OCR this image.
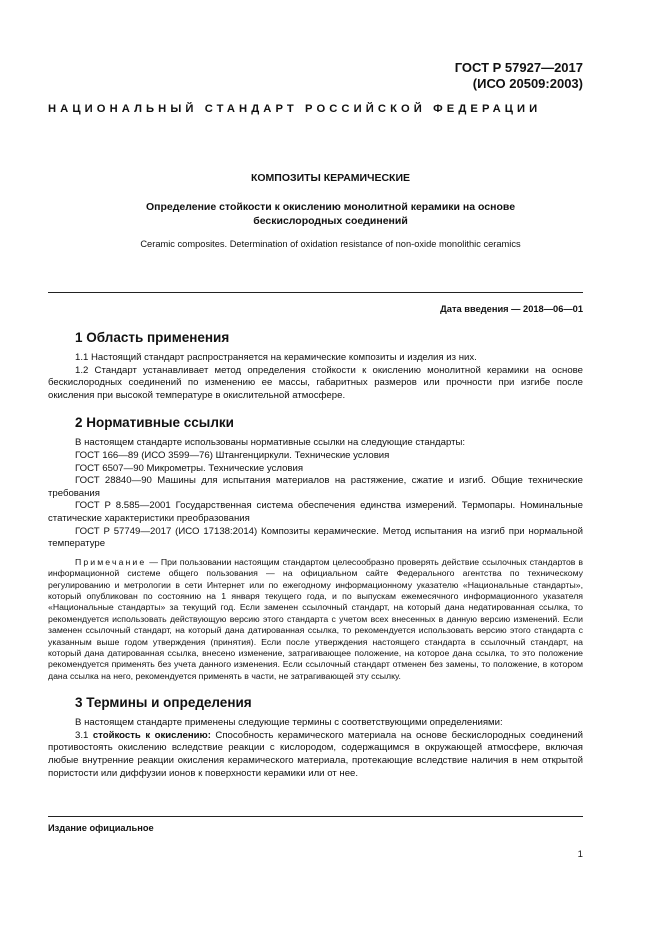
ГОСТ Р 57927—2017
(ИСО 20509:2003)
НАЦИОНАЛЬНЫЙ СТАНДАРТ РОССИЙСКОЙ ФЕДЕРАЦИИ
КОМПОЗИТЫ КЕРАМИЧЕСКИЕ
Определение стойкости к окислению монолитной керамики на основе
бескислородных соединений
Ceramic composites. Determination of oxidation resistance of non-oxide monolithic ceramics
Дата введения — 2018—06—01
1 Область применения

1.1 Настоящий стандарт распространяется на керамические композиты и изделия из них.

1.2 Стандарт устанавливает метод определения стойкости к окислению монолитной керамики на основе бескислородных соединений по изменению ее массы, габаритных размеров или прочности при изгибе после окисления при высокой температуре в окислительной атмосфере.

2 Нормативные ссылки

В настоящем стандарте использованы нормативные ссылки на следующие стандарты:

ГОСТ 166—89 (ИСО 3599—76) Штангенциркули. Технические условия

ГОСТ 6507—90 Микрометры. Технические условия

ГОСТ 28840—90 Машины для испытания материалов на растяжение, сжатие и изгиб. Общие технические требования

ГОСТ Р 8.585—2001 Государственная система обеспечения единства измерений. Термопары. Номинальные статические характеристики преобразования

ГОСТ Р 57749—2017 (ИСО 17138:2014) Композиты керамические. Метод испытания на изгиб при нормальной температуре

Примечание — При пользовании настоящим стандартом целесообразно проверять действие ссылочных стандартов в информационной системе общего пользования — на официальном сайте Федерального агентства по техническому регулированию и метрологии в сети Интернет или по ежегодному информационному указателю «Национальные стандарты», который опубликован по состоянию на 1 января текущего года, и по выпускам ежемесячного информационного указателя «Национальные стандарты» за текущий год. Если заменен ссылочный стандарт, на который дана недатированная ссылка, то рекомендуется использовать действующую версию этого стандарта с учетом всех внесенных в данную версию изменений. Если заменен ссылочный стандарт, на который дана датированная ссылка, то рекомендуется использовать версию этого стандарта с указанным выше годом утверждения (принятия). Если после утверждения настоящего стандарта в ссылочный стандарт, на который дана датированная ссылка, внесено изменение, затрагивающее положение, на которое дана ссылка, то это положение рекомендуется применять без учета данного изменения. Если ссылочный стандарт отменен без замены, то положение, в котором дана ссылка на него, рекомендуется применять в части, не затрагивающей эту ссылку.

3 Термины и определения

В настоящем стандарте применены следующие термины с соответствующими определениями:

3.1 стойкость к окислению: Способность керамического материала на основе бескислородных соединений противостоять окислению вследствие реакции с кислородом, содержащимся в окружающей атмосфере, включая любые внутренние реакции окисления керамического материала, протекающие вследствие наличия в нем открытой пористости или диффузии ионов к поверхности керамики или от нее.

Издание официальное
1
